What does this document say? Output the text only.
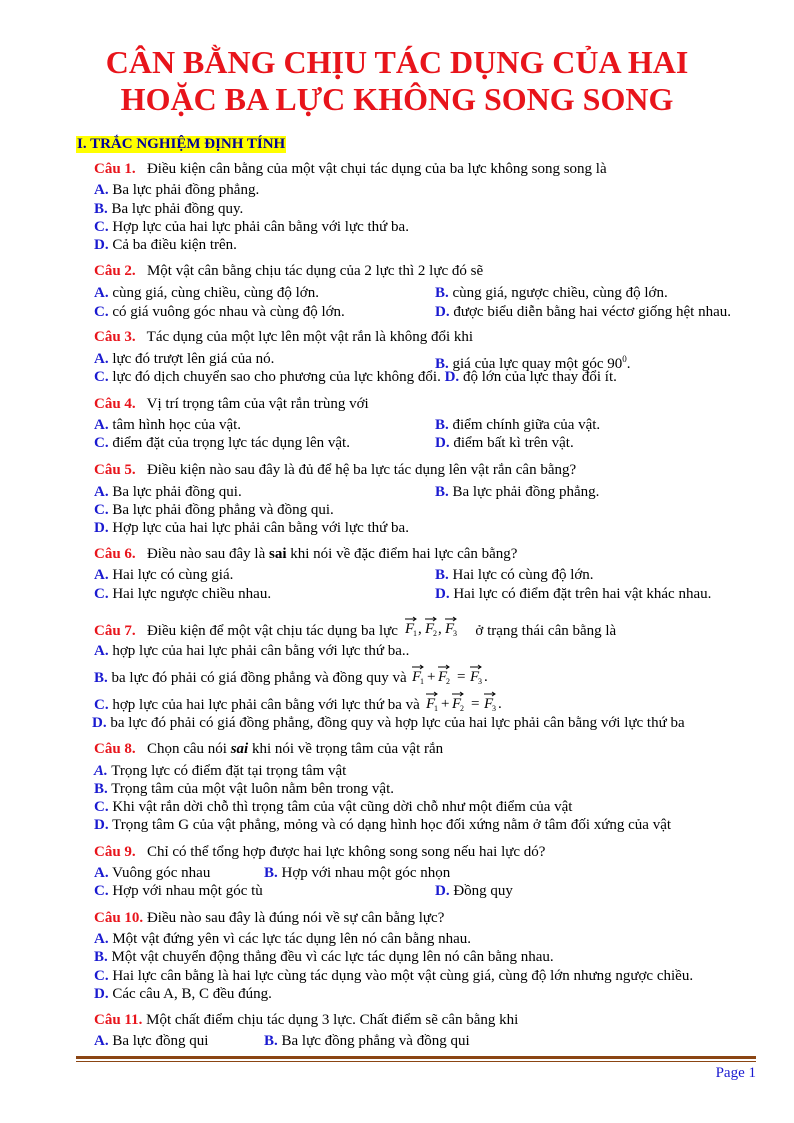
CÂN BẰNG CHỊU TÁC DỤNG CỦA HAI
HOẶC BA LỰC KHÔNG SONG SONG
I. TRẮC NGHIỆM ĐỊNH TÍNH
Câu 1. Điều kiện cân bằng của một vật chụi tác dụng của ba lực không song song là
A. Ba lực phải đồng phẳng.
B. Ba lực phải đồng quy.
C. Hợp lực của hai lực phải cân bằng với lực thứ ba.
D. Cả ba điều kiện trên.
Câu 2. Một vật cân bằng chịu tác dụng của 2 lực thì 2 lực đó sẽ
A. cùng giá, cùng chiều, cùng độ lớn.	B. cùng giá, ngược chiều, cùng độ lớn.
C. có giá vuông góc nhau và cùng độ lớn.	D. được biểu diễn bằng hai véctơ giống hệt nhau.
Câu 3. Tác dụng của một lực lên một vật rắn là không đổi khi
A. lực đó trượt lên giá của nó.	B. giá của lực quay một góc $90^0$.
C. lực đó dịch chuyển sao cho phương của lực không đổi. D. độ lớn của lực thay đổi ít.
Câu 4. Vị trí trọng tâm của vật rắn trùng với
A. tâm hình học của vật.	B. điểm chính giữa của vật.
C. điểm đặt của trọng lực tác dụng lên vật.	D. điểm bất kì trên vật.
Câu 5. Điều kiện nào sau đây là đủ để hệ ba lực tác dụng lên vật rắn cân bằng?
A. Ba lực phải đồng qui.	B. Ba lực phải đồng phẳng.
C. Ba lực phải đồng phẳng và đồng qui.
D. Hợp lực của hai lực phải cân bằng với lực thứ ba.
Câu 6. Điều nào sau đây là sai khi nói về đặc điểm hai lực cân bằng?
A. Hai lực có cùng giá.	B. Hai lực có cùng độ lớn.
C. Hai lực ngược chiều nhau.	D. Hai lực có điểm đặt trên hai vật khác nhau.
Câu 7. Điều kiện để một vật chịu tác dụng ba lực F
1 , F
2 , F
3 ở trạng thái cân bằng là
A. hợp lực của hai lực phải cân bằng với lực thứ ba..
B. ba lực đó phải có giá đồng phẳng và đồng quy và F
1 + F
2 = F
3 .
C. hợp lực của hai lực phải cân bằng với lực thứ ba và F
1 + F
2 = F
3 .
D. ba lực đó phải có giá đồng phẳng, đồng quy và hợp lực của hai lực phải cân bằng với lực thứ ba
Câu 8. Chọn câu nói sai khi nói về trọng tâm của vật rắn
A. Trọng lực có điểm đặt tại trọng tâm vật
B. Trọng tâm của một vật luôn nằm bên trong vật.
C. Khi vật rắn dời chỗ thì trọng tâm của vật cũng dời chỗ như một điểm của vật
D. Trọng tâm G của vật phẳng, mỏng và có dạng hình học đối xứng nằm ở tâm đối xứng của vật
Câu 9. Chỉ có thể tổng hợp được hai lực không song song nếu hai lực dó?
A. Vuông góc nhau	B. Hợp với nhau một góc nhọn
C. Hợp với nhau một góc tù	D. Đồng quy
Câu 10. Điều nào sau đây là đúng nói về sự cân bằng lực?
A. Một vật đứng yên vì các lực tác dụng lên nó cân bằng nhau.
B. Một vật chuyển động thẳng đều vì các lực tác dụng lên nó cân bằng nhau.
C. Hai lực cân bằng là hai lực cùng tác dụng vào một vật cùng giá, cùng độ lớn nhưng ngược chiều.
D. Các câu A, B, C đều đúng.
Câu 11. Một chất điểm chịu tác dụng 3 lực. Chất điểm sẽ cân bằng khi
A. Ba lực đồng qui	B. Ba lực đồng phẳng và đồng qui
Page 1
